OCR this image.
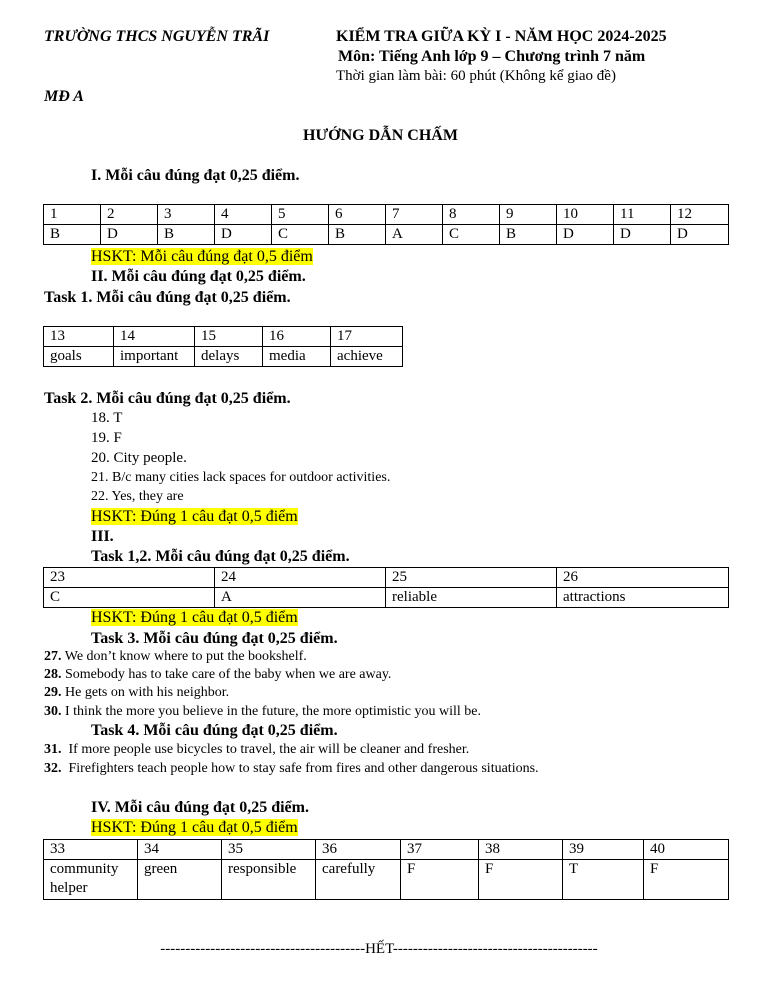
TRƯỜNG THCS NGUYỄN TRÃI	KIỂM TRA GIỮA KỲ I - NĂM HỌC 2024-2025
Môn: Tiếng Anh lớp 9 – Chương trình 7 năm
Thời gian làm bài: 60 phút (Không kể giao đề)
MĐ A
HƯỚNG DẪN CHẤM
I. Mỗi câu đúng đạt 0,25 điểm.
1	2	3	4	5	6	7	8	9	10	11	12
B	D	B	D	C	B	A	C	B	D	D	D
HSKT: Mỗi câu đúng đạt 0,5 điểm
II. Mỗi câu đúng đạt 0,25 điểm.
Task 1. Mỗi câu đúng đạt 0,25 điểm.
13	14	15	16	17
goals	important	delays	media	achieve
Task 2. Mỗi câu đúng đạt 0,25 điểm.
18. T
19. F
20. City people.
21. B/c many cities lack spaces for outdoor activities.
22. Yes, they are
HSKT: Đúng 1 câu đạt 0,5 điểm
III.
Task 1,2. Mỗi câu đúng đạt 0,25 điểm.
23	24	25	26
C	A	reliable	attractions
HSKT: Đúng 1 câu đạt 0,5 điểm
Task 3. Mỗi câu đúng đạt 0,25 điểm.
27. We don’t know where to put the bookshelf.
28. Somebody has to take care of the baby when we are away.
29. He gets on with his neighbor.
30. I think the more you believe in the future, the more optimistic you will be.
Task 4. Mỗi câu đúng đạt 0,25 điểm.
31.  If more people use bicycles to travel, the air will be cleaner and fresher.
32.  Firefighters teach people how to stay safe from fires and other dangerous situations.
IV. Mỗi câu đúng đạt 0,25 điểm.
HSKT: Đúng 1 câu đạt 0,5 điểm
33	34	35	36	37	38	39	40
community helper	green	responsible	carefully	F	F	T	F
-----------------------------------------HẾT-----------------------------------------
